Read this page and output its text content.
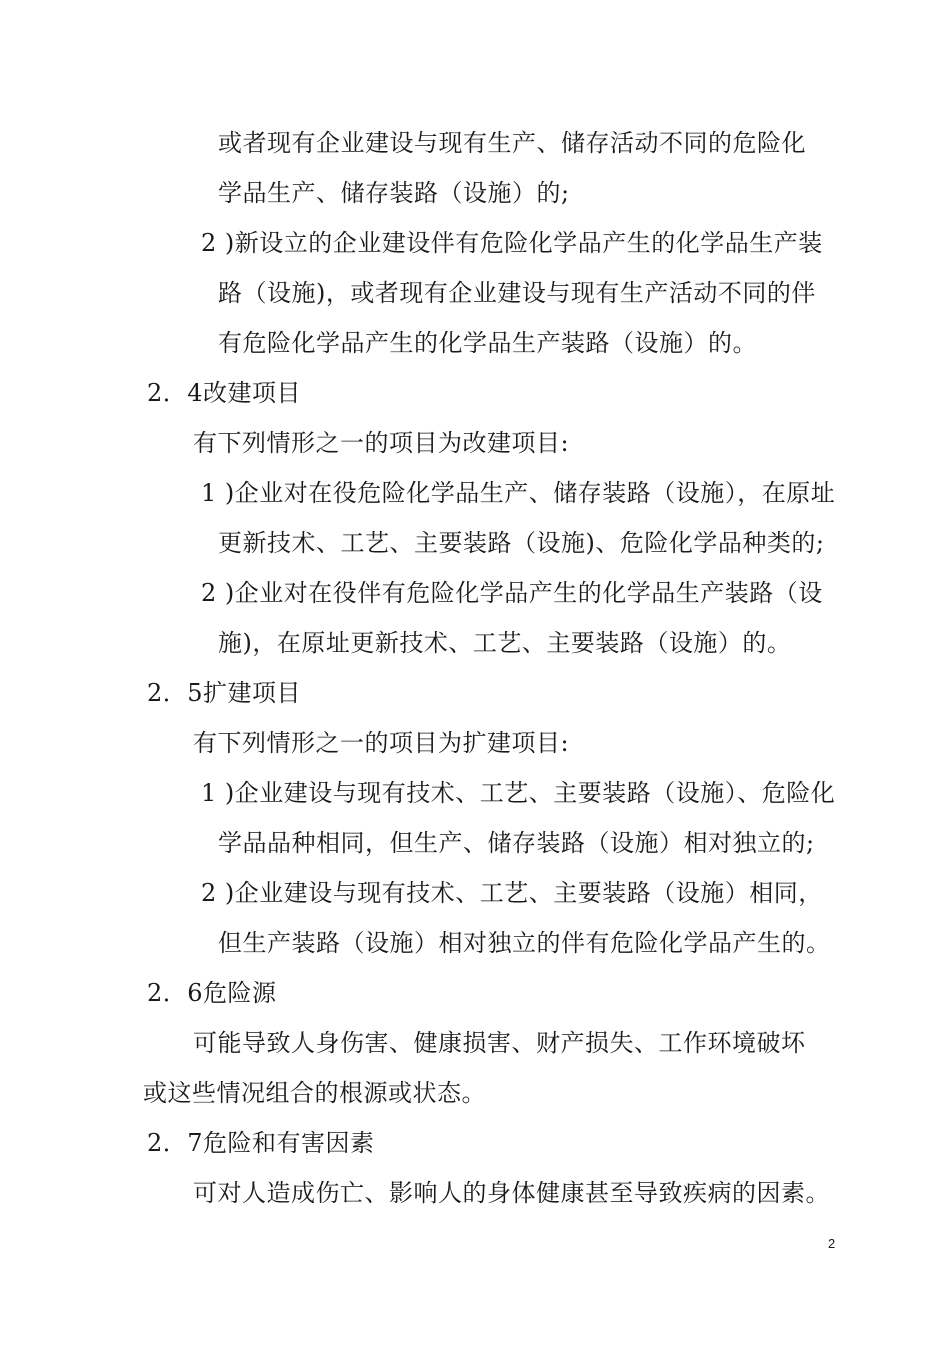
或者现有企业建设与现有生产、储存活动不同的危险化
学品生产、储存装路（设施）的;
2 )新设立的企业建设伴有危险化学品产生的化学品生产装
路（设施)，或者现有企业建设与现有生产活动不同的伴
有危险化学品产生的化学品生产装路（设施）的。
2．4改建项目
有下列情形之一的项目为改建项目:
1 )企业对在役危险化学品生产、储存装路（设施），在原址
更新技术、工艺、主要装路（设施)、危险化学品种类的;
2 )企业对在役伴有危险化学品产生的化学品生产装路（设
施)，在原址更新技术、工艺、主要装路（设施）的。
2．5扩建项目
有下列情形之一的项目为扩建项目:
1 )企业建设与现有技术、工艺、主要装路（设施）、危险化
学品品种相同，但生产、储存装路（设施）相对独立的;
2 )企业建设与现有技术、工艺、主要装路（设施）相同，
但生产装路（设施）相对独立的伴有危险化学品产生的。
2．6危险源
可能导致人身伤害、健康损害、财产损失、工作环境破坏
或这些情况组合的根源或状态。
2．7危险和有害因素
可对人造成伤亡、影响人的身体健康甚至导致疾病的因素。
2
